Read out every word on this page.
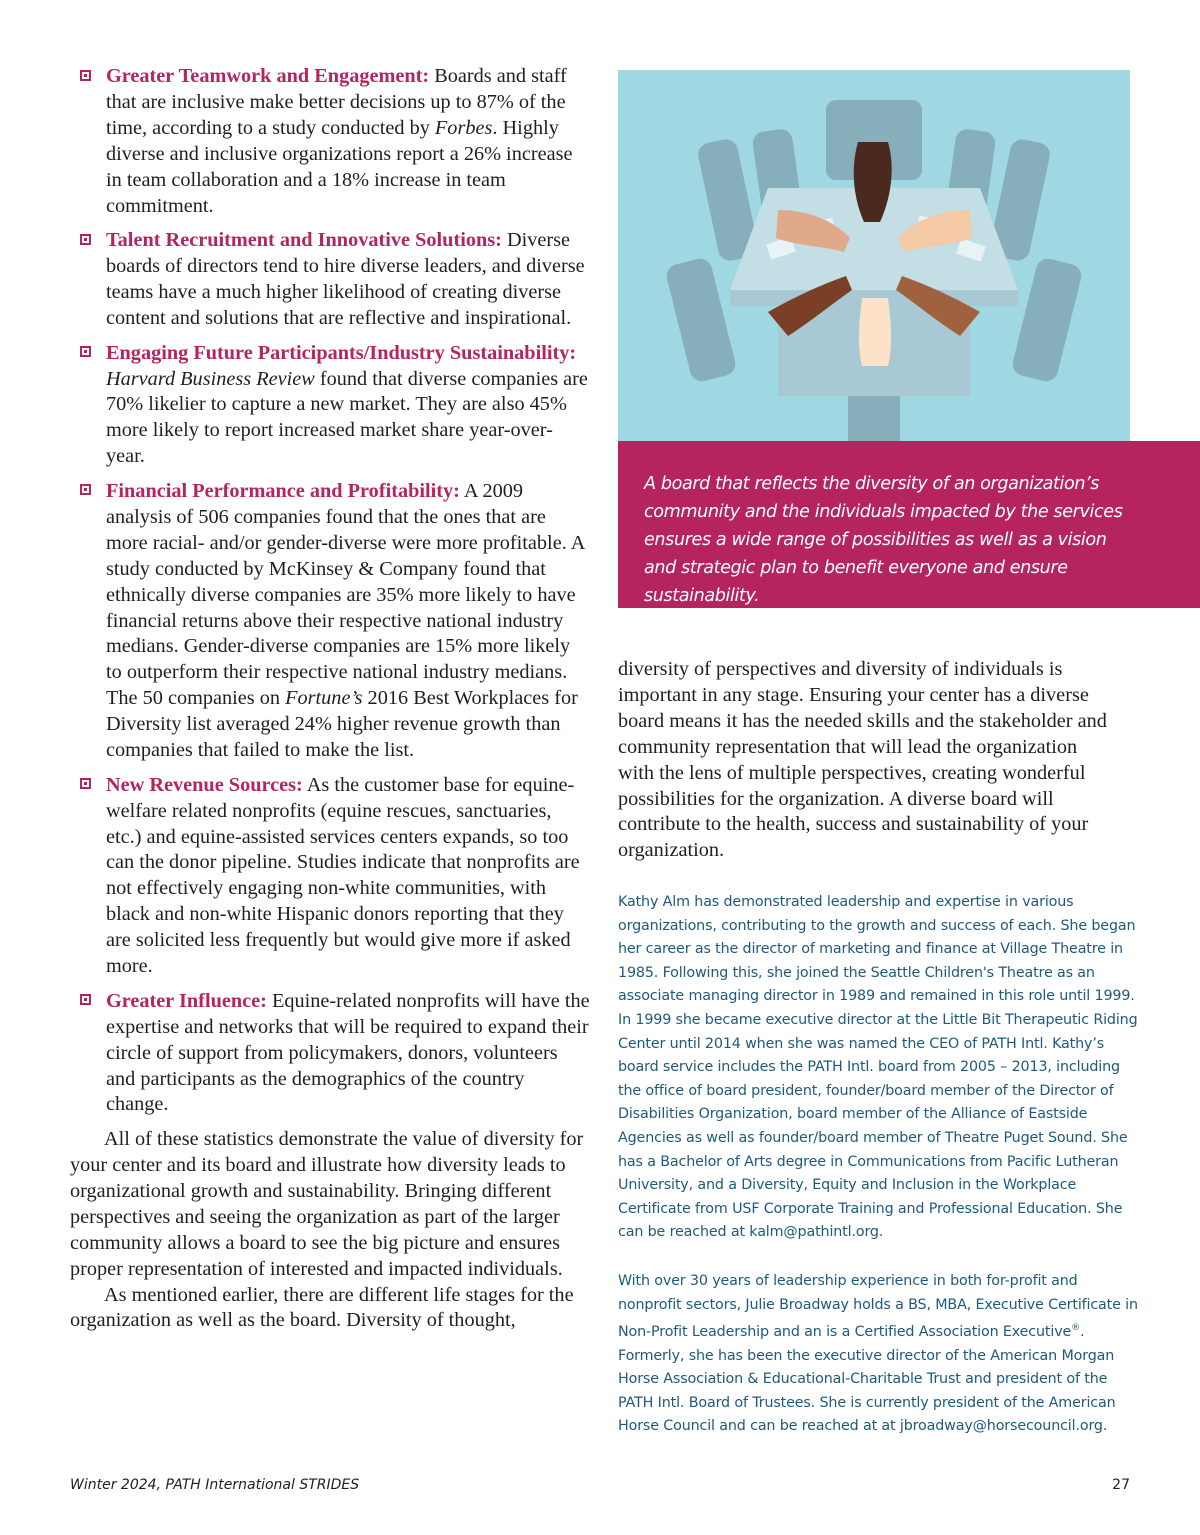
Greater Teamwork and Engagement: Boards and staff that are inclusive make better decisions up to 87% of the time, according to a study conducted by Forbes. Highly diverse and inclusive organizations report a 26% increase in team collaboration and a 18% increase in team commitment.

Talent Recruitment and Innovative Solutions: Diverse boards of directors tend to hire diverse leaders, and diverse teams have a much higher likelihood of creating diverse content and solutions that are reflective and inspirational.

Engaging Future Participants/Industry Sustainability: Harvard Business Review found that diverse companies are 70% likelier to capture a new market. They are also 45% more likely to report increased market share year-over-year.

Financial Performance and Profitability: A 2009 analysis of 506 companies found that the ones that are more racial- and/or gender-diverse were more profitable. A study conducted by McKinsey & Company found that ethnically diverse companies are 35% more likely to have financial returns above their respective national industry medians. Gender-diverse companies are 15% more likely to outperform their respective national industry medians. The 50 companies on Fortune’s 2016 Best Workplaces for Diversity list averaged 24% higher revenue growth than companies that failed to make the list.

New Revenue Sources: As the customer base for equine-welfare related nonprofits (equine rescues, sanctuaries, etc.) and equine-assisted services centers expands, so too can the donor pipeline. Studies indicate that nonprofits are not effectively engaging non-white communities, with black and non-white Hispanic donors reporting that they are solicited less frequently but would give more if asked more.

Greater Influence: Equine-related nonprofits will have the expertise and networks that will be required to expand their circle of support from policymakers, donors, volunteers and participants as the demographics of the country change.

All of these statistics demonstrate the value of diversity for your center and its board and illustrate how diversity leads to organizational growth and sustainability. Bringing different perspectives and seeing the organization as part of the larger community allows a board to see the big picture and ensures proper representation of interested and impacted individuals.

As mentioned earlier, there are different life stages for the organization as well as the board. Diversity of thought,

A board that reflects the diversity of an organization’s community and the individuals impacted by the services ensures a wide range of possibilities as well as a vision and strategic plan to benefit everyone and ensure sustainability.

diversity of perspectives and diversity of individuals is important in any stage. Ensuring your center has a diverse board means it has the needed skills and the stakeholder and community representation that will lead the organization with the lens of multiple perspectives, creating wonderful possibilities for the organization. A diverse board will contribute to the health, success and sustainability of your organization.

Kathy Alm has demonstrated leadership and expertise in various organizations, contributing to the growth and success of each. She began her career as the director of marketing and finance at Village Theatre in 1985. Following this, she joined the Seattle Children's Theatre as an associate managing director in 1989 and remained in this role until 1999. In 1999 she became executive director at the Little Bit Therapeutic Riding Center until 2014 when she was named the CEO of PATH Intl. Kathy’s board service includes the PATH Intl. board from 2005 – 2013, including the office of board president, founder/board member of the Director of Disabilities Organization, board member of the Alliance of Eastside Agencies as well as founder/board member of Theatre Puget Sound. She has a Bachelor of Arts degree in Communications from Pacific Lutheran University, and a Diversity, Equity and Inclusion in the Workplace Certificate from USF Corporate Training and Professional Education. She can be reached at kalm@pathintl.org.

With over 30 years of leadership experience in both for-profit and nonprofit sectors, Julie Broadway holds a BS, MBA, Executive Certificate in Non-Profit Leadership and an is a Certified Association Executive®. Formerly, she has been the executive director of the American Morgan Horse Association & Educational-Charitable Trust and president of the PATH Intl. Board of Trustees. She is currently president of the American Horse Council and can be reached at at jbroadway@horsecouncil.org.

Winter 2024, PATH International STRIDES	27
